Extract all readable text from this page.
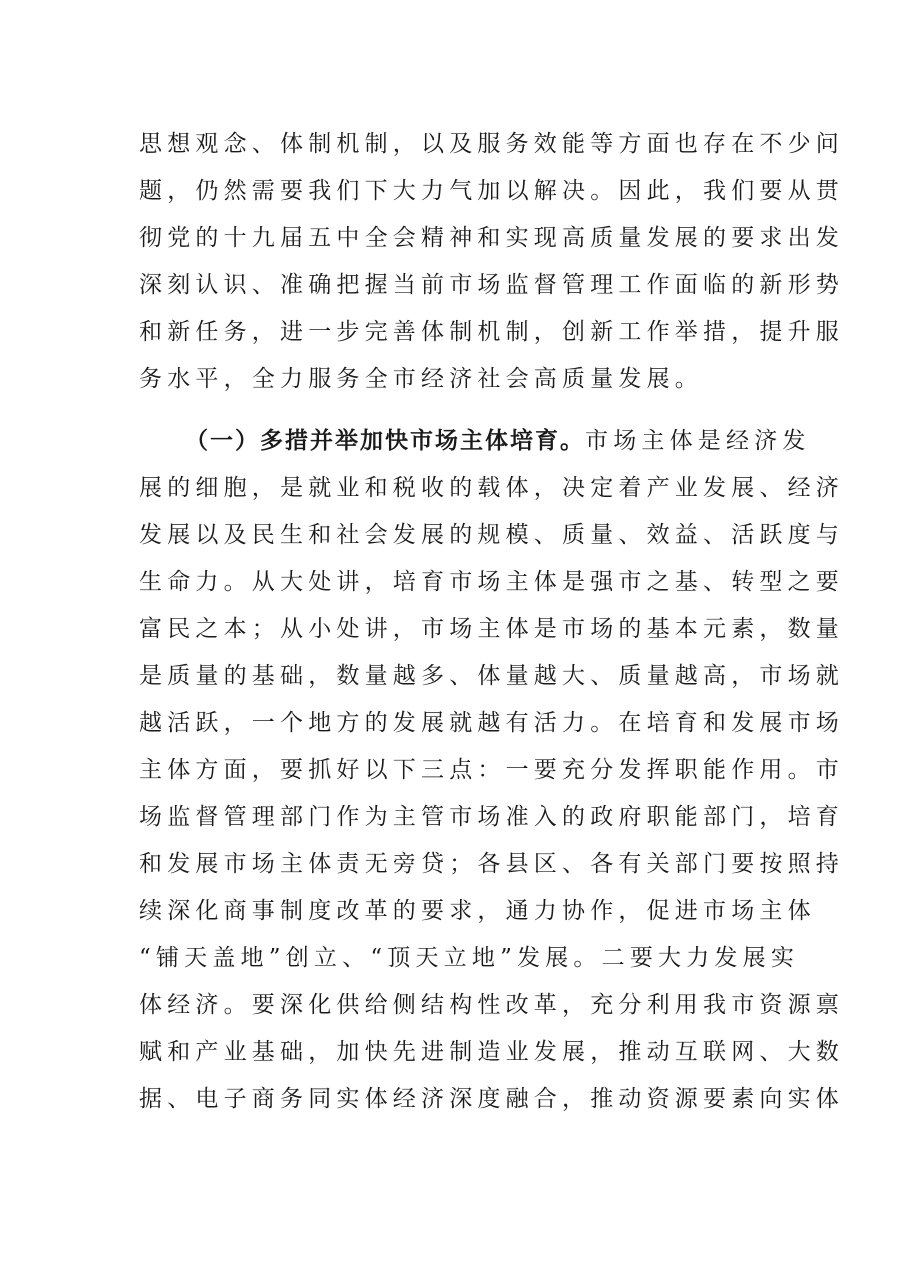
思想观念、体制机制，以及服务效能等方面也存在不少问
题，仍然需要我们下大力气加以解决。因此，我们要从贯
彻党的十九届五中全会精神和实现高质量发展的要求出发
深刻认识、准确把握当前市场监督管理工作面临的新形势
和新任务，进一步完善体制机制，创新工作举措，提升服
务水平，全力服务全市经济社会高质量发展。
（一）多措并举加快市场主体培育。市场主体是经济发
展的细胞，是就业和税收的载体，决定着产业发展、经济
发展以及民生和社会发展的规模、质量、效益、活跃度与
生命力。从大处讲，培育市场主体是强市之基、转型之要
富民之本；从小处讲，市场主体是市场的基本元素，数量
是质量的基础，数量越多、体量越大、质量越高，市场就
越活跃，一个地方的发展就越有活力。在培育和发展市场
主体方面，要抓好以下三点：一要充分发挥职能作用。市
场监督管理部门作为主管市场准入的政府职能部门，培育
和发展市场主体责无旁贷；各县区、各有关部门要按照持
续深化商事制度改革的要求，通力协作，促进市场主体
“铺天盖地”创立、“顶天立地”发展。二要大力发展实
体经济。要深化供给侧结构性改革，充分利用我市资源禀
赋和产业基础，加快先进制造业发展，推动互联网、大数
据、电子商务同实体经济深度融合，推动资源要素向实体
